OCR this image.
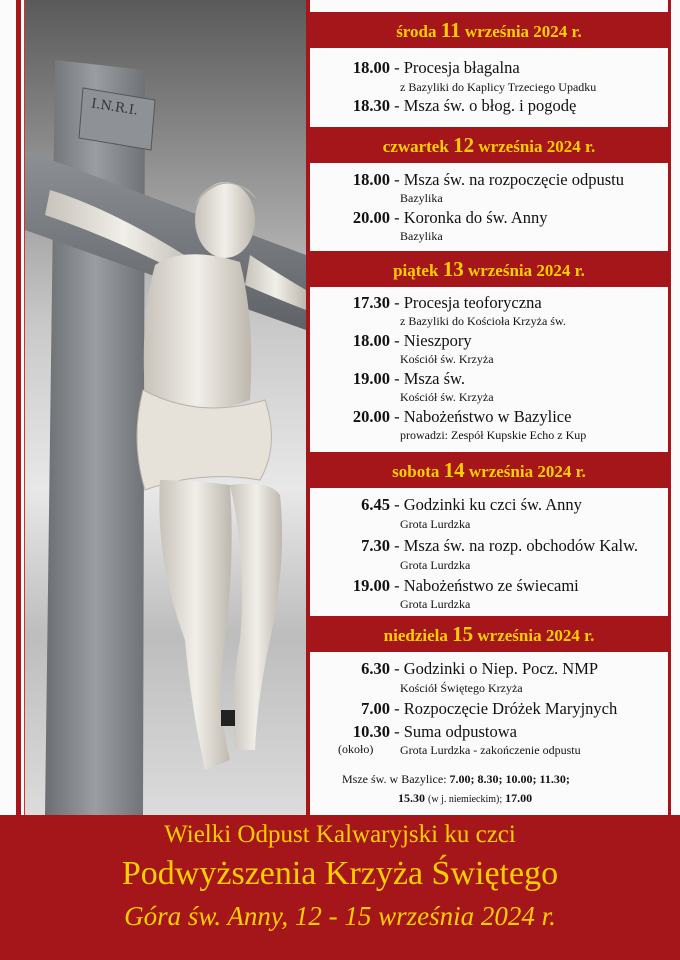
I.N.R.I.
środa 11 września 2024 r.
18.00 - Procesja błagalna
z Bazyliki do Kaplicy Trzeciego Upadku
18.30 - Msza św. o błog. i pogodę
czwartek 12 września 2024 r.
18.00 - Msza św. na rozpoczęcie odpustu
Bazylika
20.00 - Koronka do św. Anny
Bazylika
piątek 13 września 2024 r.
17.30 - Procesja teoforyczna
z Bazyliki do Kościoła Krzyża św.
18.00 - Nieszpory
Kościół św. Krzyża
19.00 - Msza św.
Kościół św. Krzyża
20.00 - Nabożeństwo w Bazylice
prowadzi: Zespół Kupskie Echo z Kup
sobota 14 września 2024 r.
6.45 - Godzinki ku czci św. Anny
Grota Lurdzka
7.30 - Msza św. na rozp. obchodów Kalw.
Grota Lurdzka
19.00 - Nabożeństwo ze świecami
Grota Lurdzka
niedziela 15 września 2024 r.
6.30 - Godzinki o Niep. Pocz. NMP
Kościół Świętego Krzyża
7.00 - Rozpoczęcie Dróżek Maryjnych
10.30 - Suma odpustowa
(około) Grota Lurdzka - zakończenie odpustu
Msze św. w Bazylice: 7.00; 8.30; 10.00; 11.30;
15.30 (w j. niemieckim); 17.00
Wielki Odpust Kalwaryjski ku czci
Podwyższenia Krzyża Świętego
Góra św. Anny, 12 - 15 września 2024 r.
